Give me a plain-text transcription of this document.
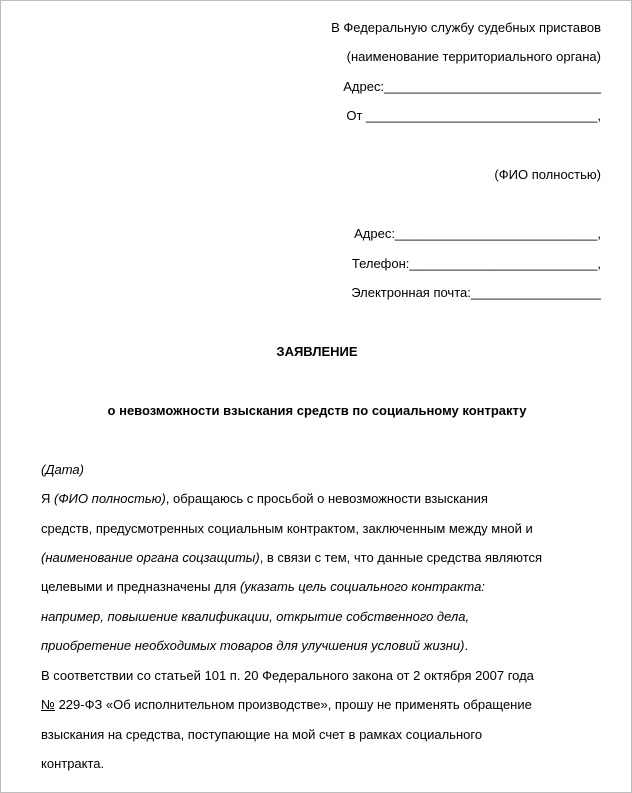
В Федеральную службу судебных приставов
(наименование территориального органа)
Адрес:______________________________
От ________________________________,
(ФИО полностью)
Адрес:____________________________,
Телефон:__________________________,
Электронная почта:__________________
ЗАЯВЛЕНИЕ
о невозможности взыскания средств по социальному контракту
(Дата)
Я (ФИО полностью), обращаюсь с просьбой о невозможности взыскания
средств, предусмотренных социальным контрактом, заключенным между мной и
(наименование органа соцзащиты), в связи с тем, что данные средства являются
целевыми и предназначены для (указать цель социального контракта:
например, повышение квалификации, открытие собственного дела,
приобретение необходимых товаров для улучшения условий жизни).
В соответствии со статьей 101 п. 20 Федерального закона от 2 октября 2007 года
№ 229-ФЗ «Об исполнительном производстве», прошу не применять обращение
взыскания на средства, поступающие на мой счет в рамках социального
контракта.
